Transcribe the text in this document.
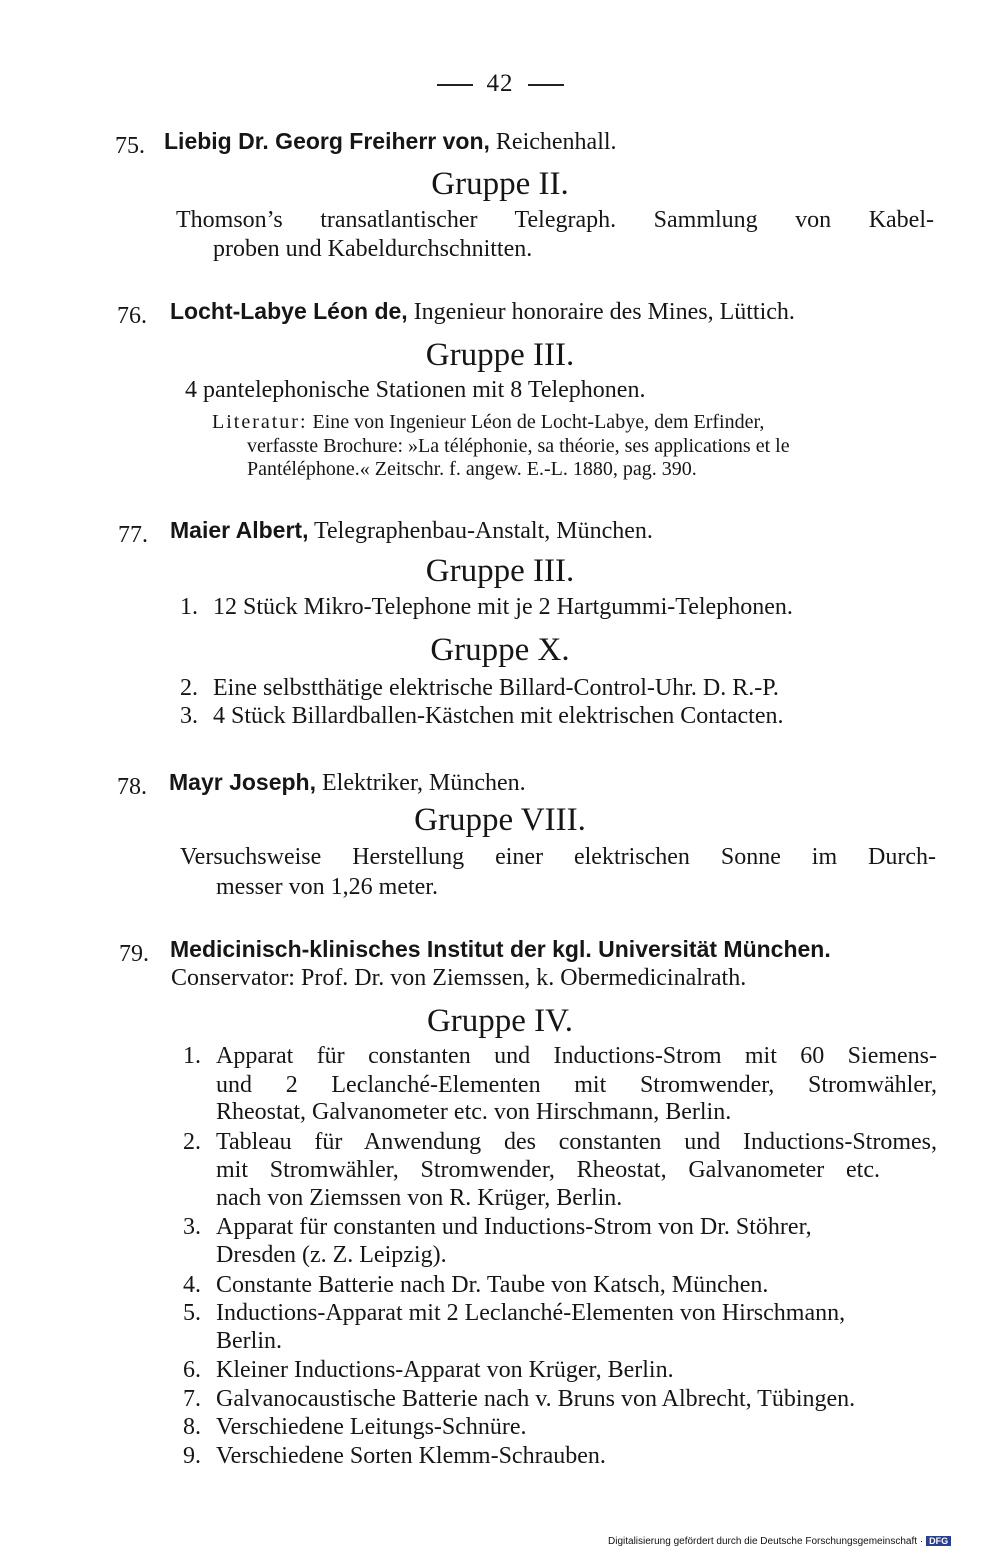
42
75. Liebig Dr. Georg Freiherr von, Reichenhall.
Gruppe II.
Thomson’s transatlantischer Telegraph. Sammlung von Kabel-
proben und Kabeldurchschnitten.
76. Locht-Labye Léon de, Ingenieur honoraire des Mines, Lüttich.
Gruppe III.
4 pantelephonische Stationen mit 8 Telephonen.
Literatur: Eine von Ingenieur Léon de Locht-Labye, dem Erfinder,
verfasste Brochure: »La téléphonie, sa théorie, ses applications et le
Pantéléphone.« Zeitschr. f. angew. E.-L. 1880, pag. 390.
77. Maier Albert, Telegraphenbau-Anstalt, München.
Gruppe III.
1. 12 Stück Mikro-Telephone mit je 2 Hartgummi-Telephonen.
Gruppe X.
2. Eine selbstthätige elektrische Billard-Control-Uhr. D. R.-P.
3. 4 Stück Billardballen-Kästchen mit elektrischen Contacten.
78. Mayr Joseph, Elektriker, München.
Gruppe VIII.
Versuchsweise Herstellung einer elektrischen Sonne im Durch-
messer von 1,26 meter.
79. Medicinisch-klinisches Institut der kgl. Universität München.
Conservator: Prof. Dr. von Ziemssen, k. Obermedicinalrath.
Gruppe IV.
1. Apparat für constanten und Inductions-Strom mit 60 Siemens-
und 2 Leclanché-Elementen mit Stromwender, Stromwähler,
Rheostat, Galvanometer etc. von Hirschmann, Berlin.
2. Tableau für Anwendung des constanten und Inductions-Stromes,
mit Stromwähler, Stromwender, Rheostat, Galvanometer etc.
nach von Ziemssen von R. Krüger, Berlin.
3. Apparat für constanten und Inductions-Strom von Dr. Stöhrer,
Dresden (z. Z. Leipzig).
4. Constante Batterie nach Dr. Taube von Katsch, München.
5. Inductions-Apparat mit 2 Leclanché-Elementen von Hirschmann,
Berlin.
6. Kleiner Inductions-Apparat von Krüger, Berlin.
7. Galvanocaustische Batterie nach v. Bruns von Albrecht, Tübingen.
8. Verschiedene Leitungs-Schnüre.
9. Verschiedene Sorten Klemm-Schrauben.
Digitalisierung gefördert durch die Deutsche Forschungsgemeinschaft · DFG
